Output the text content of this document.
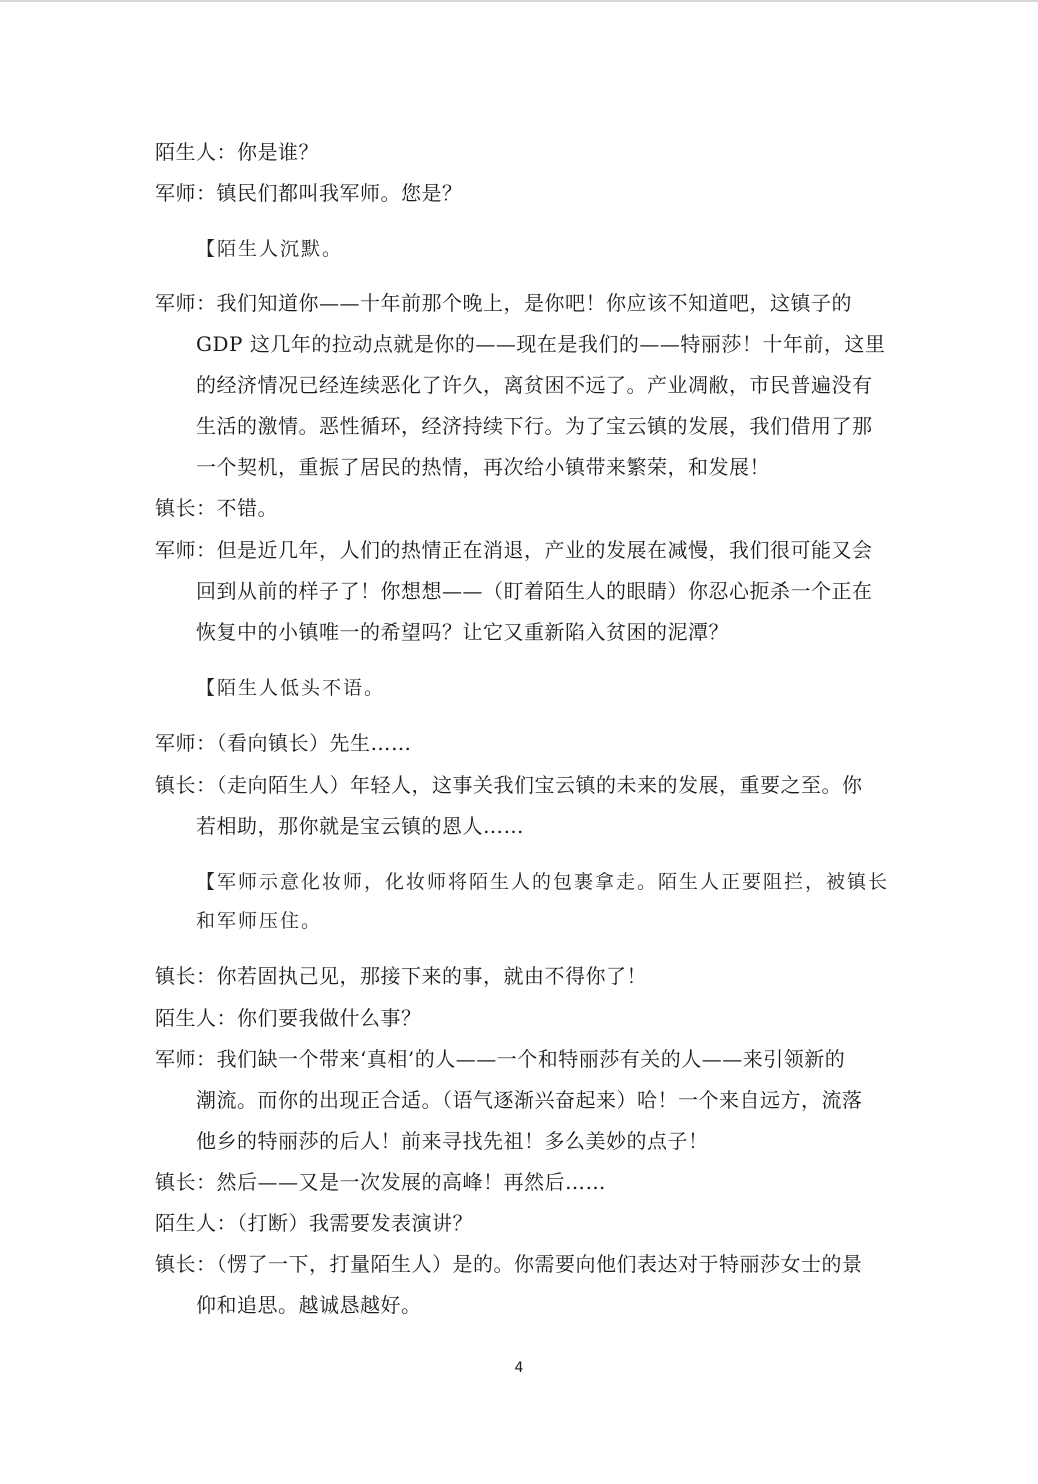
陌生人：你是谁？
军师：镇民们都叫我军师。您是？
【陌生人沉默。
军师：我们知道你——十年前那个晚上，是你吧！你应该不知道吧，这镇子的
GDP 这几年的拉动点就是你的——现在是我们的——特丽莎！十年前，这里
的经济情况已经连续恶化了许久，离贫困不远了。产业凋敝，市民普遍没有
生活的激情。恶性循环，经济持续下行。为了宝云镇的发展，我们借用了那
一个契机，重振了居民的热情，再次给小镇带来繁荣，和发展！
镇长：不错。
军师：但是近几年，人们的热情正在消退，产业的发展在减慢，我们很可能又会
回到从前的样子了！你想想——（盯着陌生人的眼睛）你忍心扼杀一个正在
恢复中的小镇唯一的希望吗？让它又重新陷入贫困的泥潭？
【陌生人低头不语。
军师：（看向镇长）先生……
镇长：（走向陌生人）年轻人，这事关我们宝云镇的未来的发展，重要之至。你
若相助，那你就是宝云镇的恩人……
【军师示意化妆师，化妆师将陌生人的包裹拿走。陌生人正要阻拦，被镇长
和军师压住。
镇长：你若固执己见，那接下来的事，就由不得你了！
陌生人：你们要我做什么事？
军师：我们缺一个带来‘真相’的人——一个和特丽莎有关的人——来引领新的
潮流。而你的出现正合适。（语气逐渐兴奋起来）哈！一个来自远方，流落
他乡的特丽莎的后人！前来寻找先祖！多么美妙的点子！
镇长：然后——又是一次发展的高峰！再然后……
陌生人：（打断）我需要发表演讲？
镇长：（愣了一下，打量陌生人）是的。你需要向他们表达对于特丽莎女士的景
仰和追思。越诚恳越好。
4
